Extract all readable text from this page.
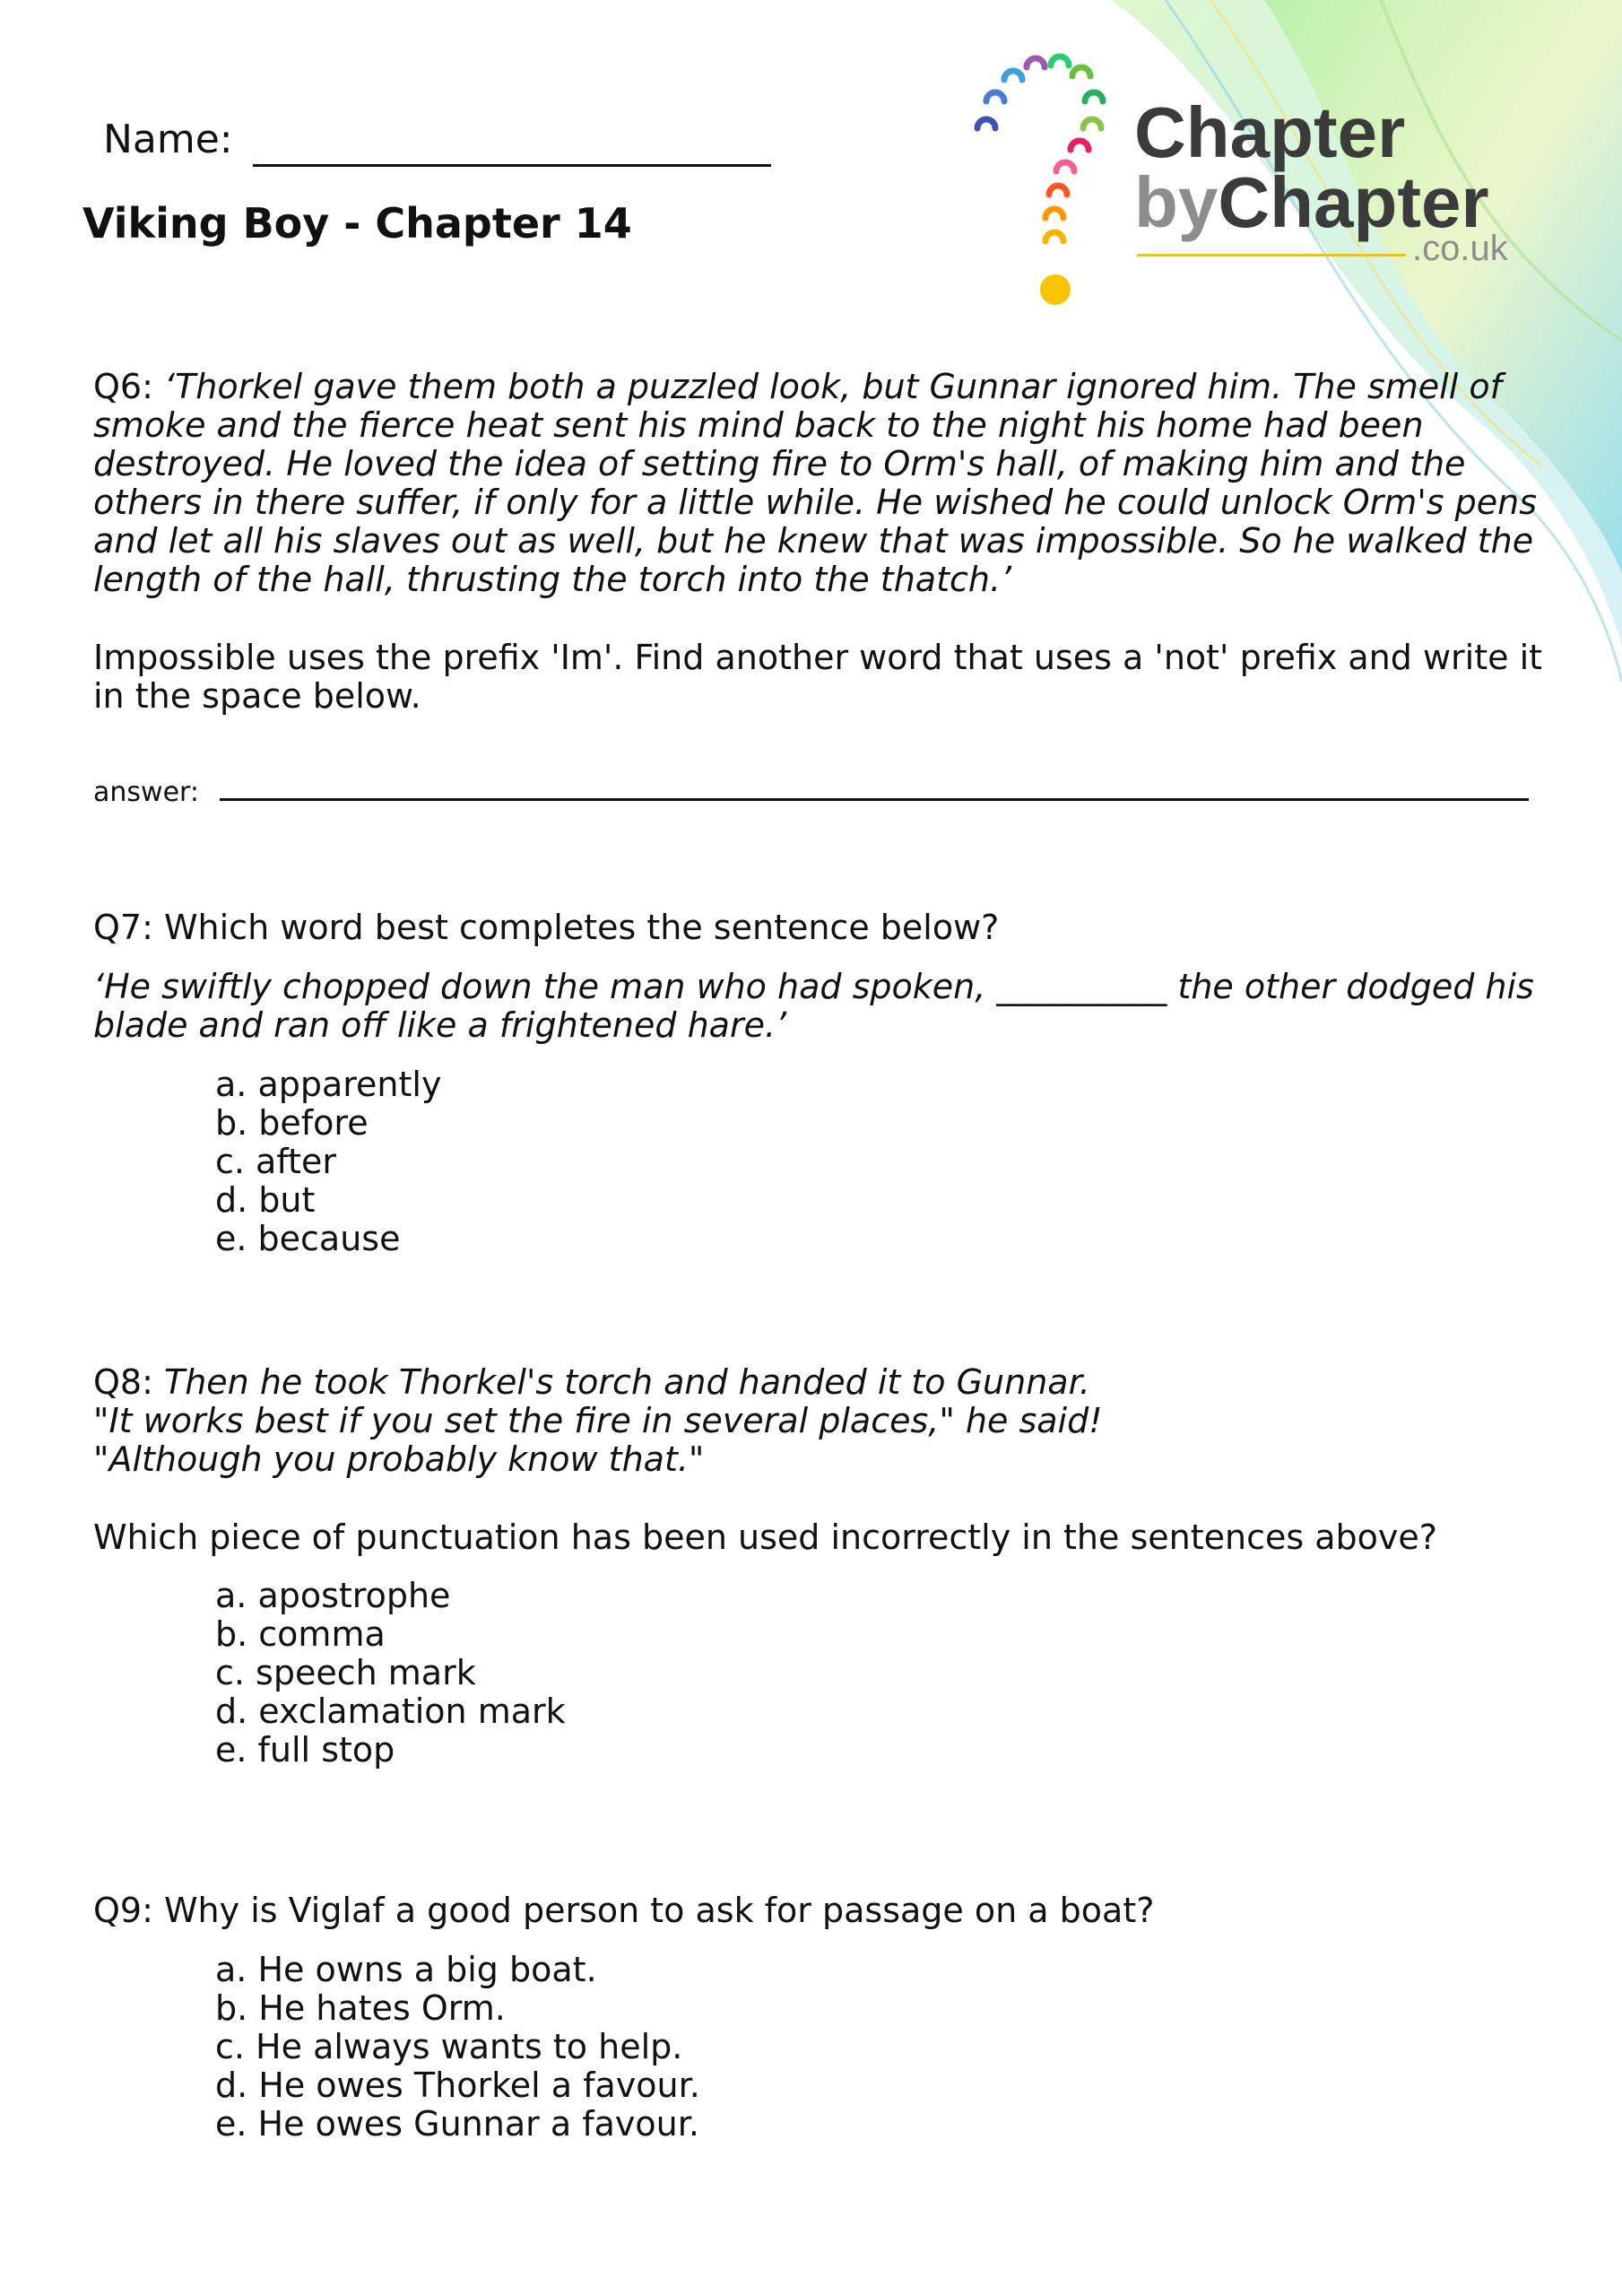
Name:
Viking Boy - Chapter 14
Chapter
byChapter
.co.uk
Q6: ‘Thorkel gave them both a puzzled look, but Gunnar ignored him. The smell of smoke and the fierce heat sent his mind back to the night his home had been destroyed. He loved the idea of setting fire to Orm's hall, of making him and the others in there suffer, if only for a little while. He wished he could unlock Orm's pens and let all his slaves out as well, but he knew that was impossible. So he walked the length of the hall, thrusting the torch into the thatch.’
Impossible uses the prefix 'Im'. Find another word that uses a 'not' prefix and write it in the space below.
answer:
Q7: Which word best completes the sentence below?
‘He swiftly chopped down the man who had spoken, __________ the other dodged his blade and ran off like a frightened hare.’
a. apparently
b. before
c. after
d. but
e. because
Q8: Then he took Thorkel's torch and handed it to Gunnar.
"It works best if you set the fire in several places," he said!
"Although you probably know that."
Which piece of punctuation has been used incorrectly in the sentences above?
a. apostrophe
b. comma
c. speech mark
d. exclamation mark
e. full stop
Q9: Why is Viglaf a good person to ask for passage on a boat?
a. He owns a big boat.
b. He hates Orm.
c. He always wants to help.
d. He owes Thorkel a favour.
e. He owes Gunnar a favour.
